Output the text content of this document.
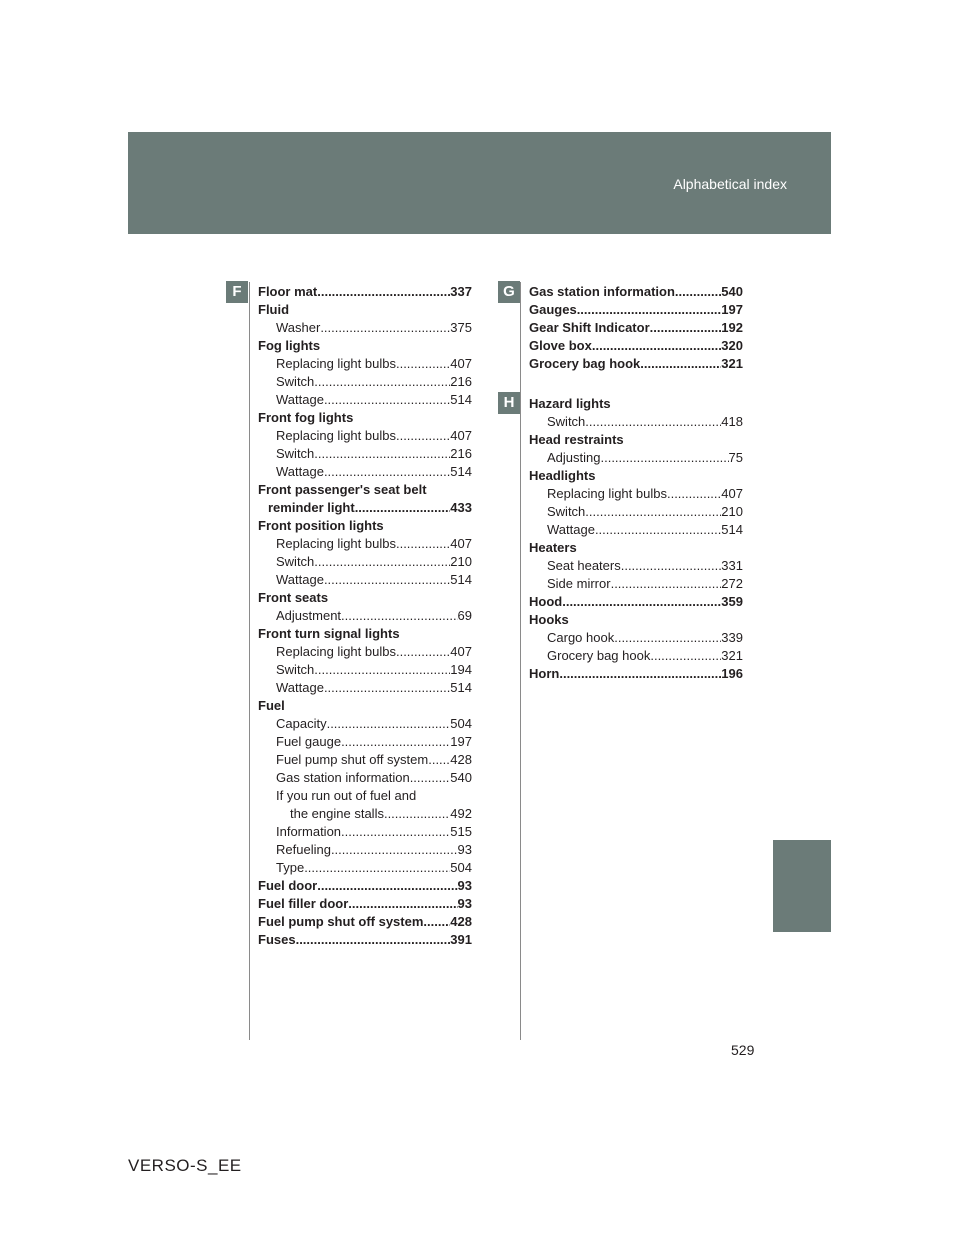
Alphabetical index
F	G
H
Floor mat .....	337
Fluid
Washer .....	375
Fog lights
Replacing light bulbs .....	407
Switch .....	216
Wattage .....	514
Front fog lights
Replacing light bulbs .....	407
Switch .....	216
Wattage .....	514
Front passenger's seat belt
reminder light .....	433
Front position lights
Replacing light bulbs .....	407
Switch .....	210
Wattage .....	514
Front seats
Adjustment .....	69
Front turn signal lights
Replacing light bulbs .....	407
Switch .....	194
Wattage .....	514
Fuel
Capacity .....	504
Fuel gauge .....	197
Fuel pump shut off system ..... 428
Gas station information .....	540
If you run out of fuel and
the engine stalls .....	492
Information .....	515
Refueling .....	93
Type .....	504
Fuel door .....	93
Fuel filler door .....	93
Fuel pump shut off system ..... 428
Fuses .....	391
Gas station information .....	540
Gauges .....	197
Gear Shift Indicator .....	192
Glove box .....	320
Grocery bag hook .....	321
Hazard lights
Switch .....	418
Head restraints
Adjusting .....	75
Headlights
Replacing light bulbs .....	407
Switch .....	210
Wattage .....	514
Heaters
Seat heaters .....	331
Side mirror .....	272
Hood .....	359
Hooks
Cargo hook .....	339
Grocery bag hook .....	321
Horn .....	196
529
VERSO-S_EE
